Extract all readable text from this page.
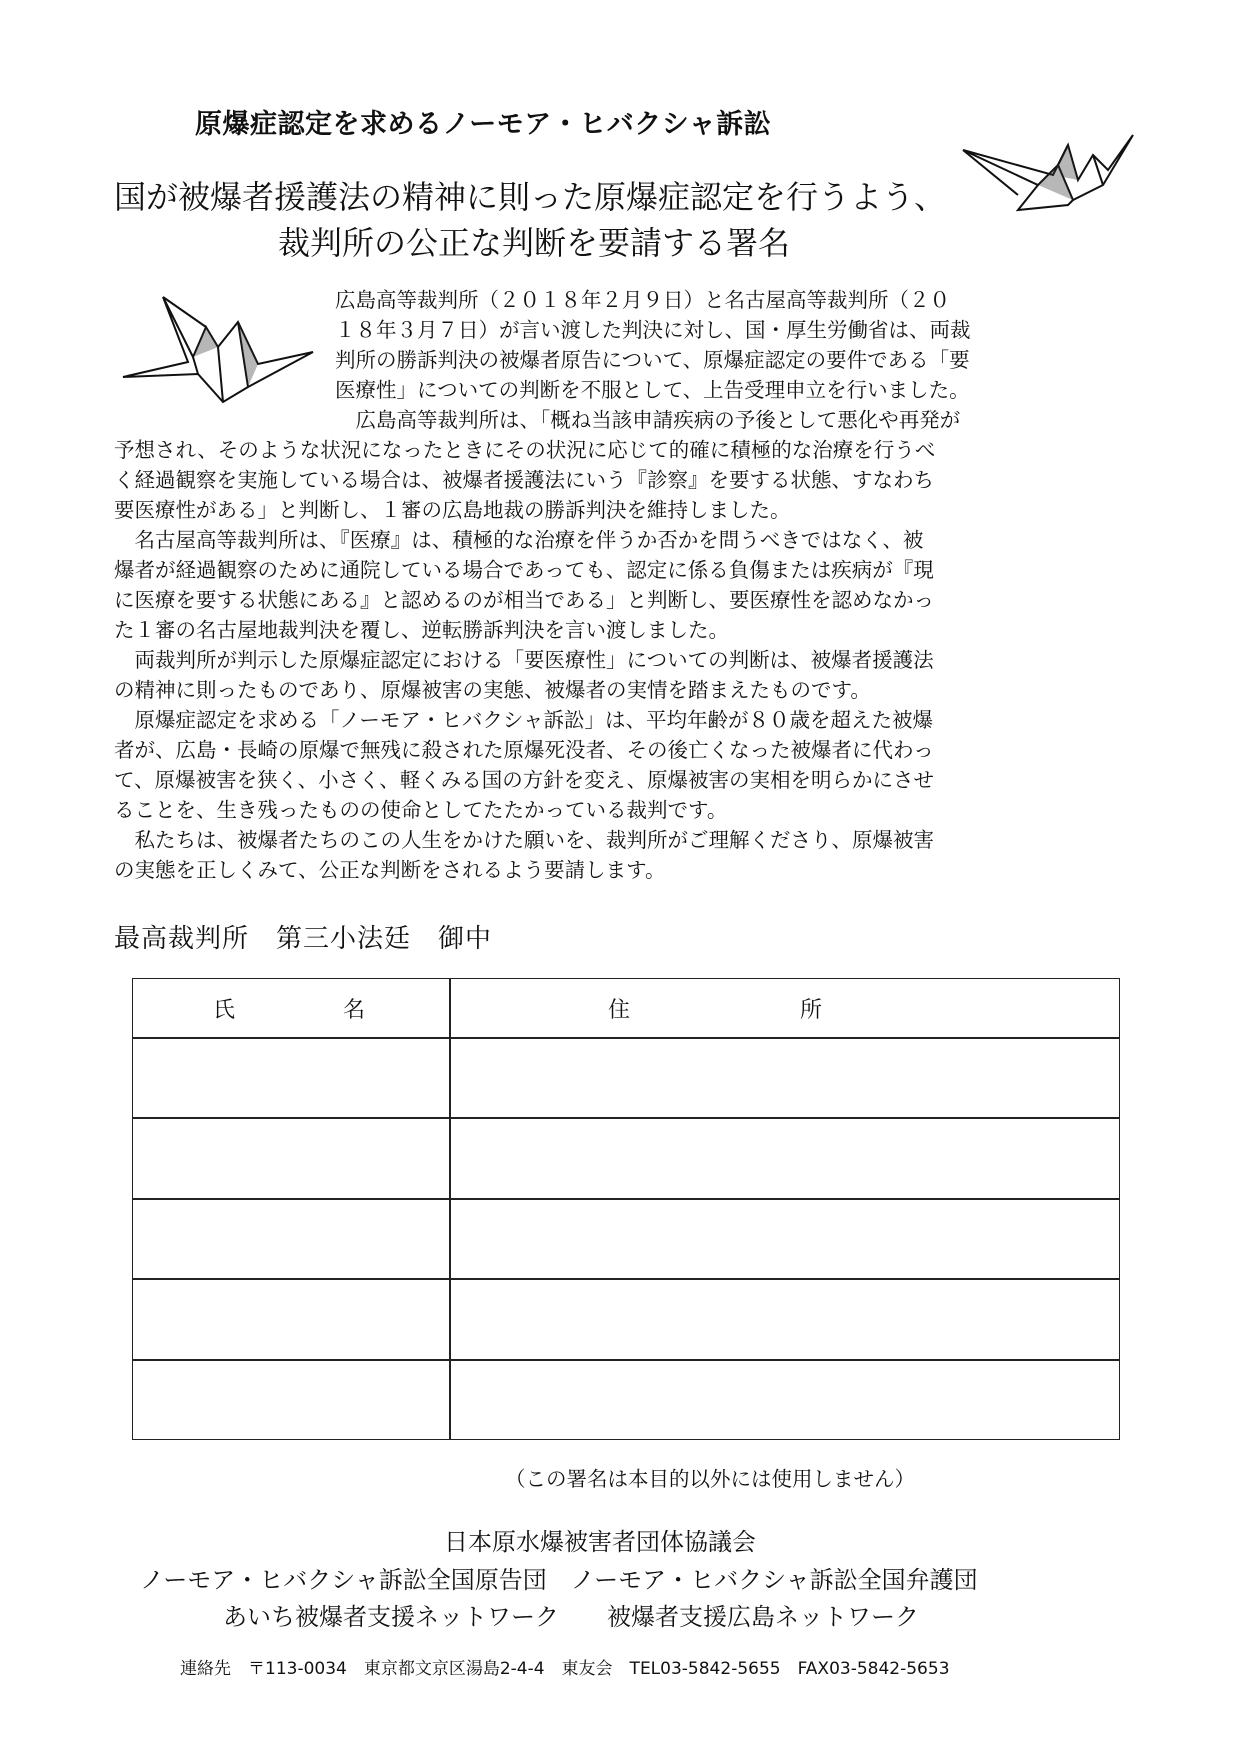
原爆症認定を求めるノーモア・ヒバクシャ訴訟
国が被爆者援護法の精神に則った原爆症認定を行うよう、
裁判所の公正な判断を要請する署名
広島高等裁判所（２０１８年２月９日）と名古屋高等裁判所（２０
１８年３月７日）が言い渡した判決に対し、国・厚生労働省は、両裁
判所の勝訴判決の被爆者原告について、原爆症認定の要件である「要
医療性」についての判断を不服として、上告受理申立を行いました。
　広島高等裁判所は、「概ね当該申請疾病の予後として悪化や再発が
予想され、そのような状況になったときにその状況に応じて的確に積極的な治療を行うべ
く経過観察を実施している場合は、被爆者援護法にいう『診察』を要する状態、すなわち
要医療性がある」と判断し、１審の広島地裁の勝訴判決を維持しました。
　名古屋高等裁判所は、『医療』は、積極的な治療を伴うか否かを問うべきではなく、被
爆者が経過観察のために通院している場合であっても、認定に係る負傷または疾病が『現
に医療を要する状態にある』と認めるのが相当である」と判断し、要医療性を認めなかっ
た１審の名古屋地裁判決を覆し、逆転勝訴判決を言い渡しました。
　両裁判所が判示した原爆症認定における「要医療性」についての判断は、被爆者援護法
の精神に則ったものであり、原爆被害の実態、被爆者の実情を踏まえたものです。
　原爆症認定を求める「ノーモア・ヒバクシャ訴訟」は、平均年齢が８０歳を超えた被爆
者が、広島・長崎の原爆で無残に殺された原爆死没者、その後亡くなった被爆者に代わっ
て、原爆被害を狭く、小さく、軽くみる国の方針を変え、原爆被害の実相を明らかにさせ
ることを、生き残ったものの使命としてたたかっている裁判です。
　私たちは、被爆者たちのこの人生をかけた願いを、裁判所がご理解くださり、原爆被害
の実態を正しくみて、公正な判断をされるよう要請します。
最高裁判所　第三小法廷　御中
氏名	住所
（この署名は本目的以外には使用しません）
日本原水爆被害者団体協議会
ノーモア・ヒバクシャ訴訟全国原告団　ノーモア・ヒバクシャ訴訟全国弁護団
あいち被爆者支援ネットワーク　　被爆者支援広島ネットワーク
連絡先　〒113-0034　東京都文京区湯島2-4-4　東友会　TEL03-5842-5655　FAX03-5842-5653
